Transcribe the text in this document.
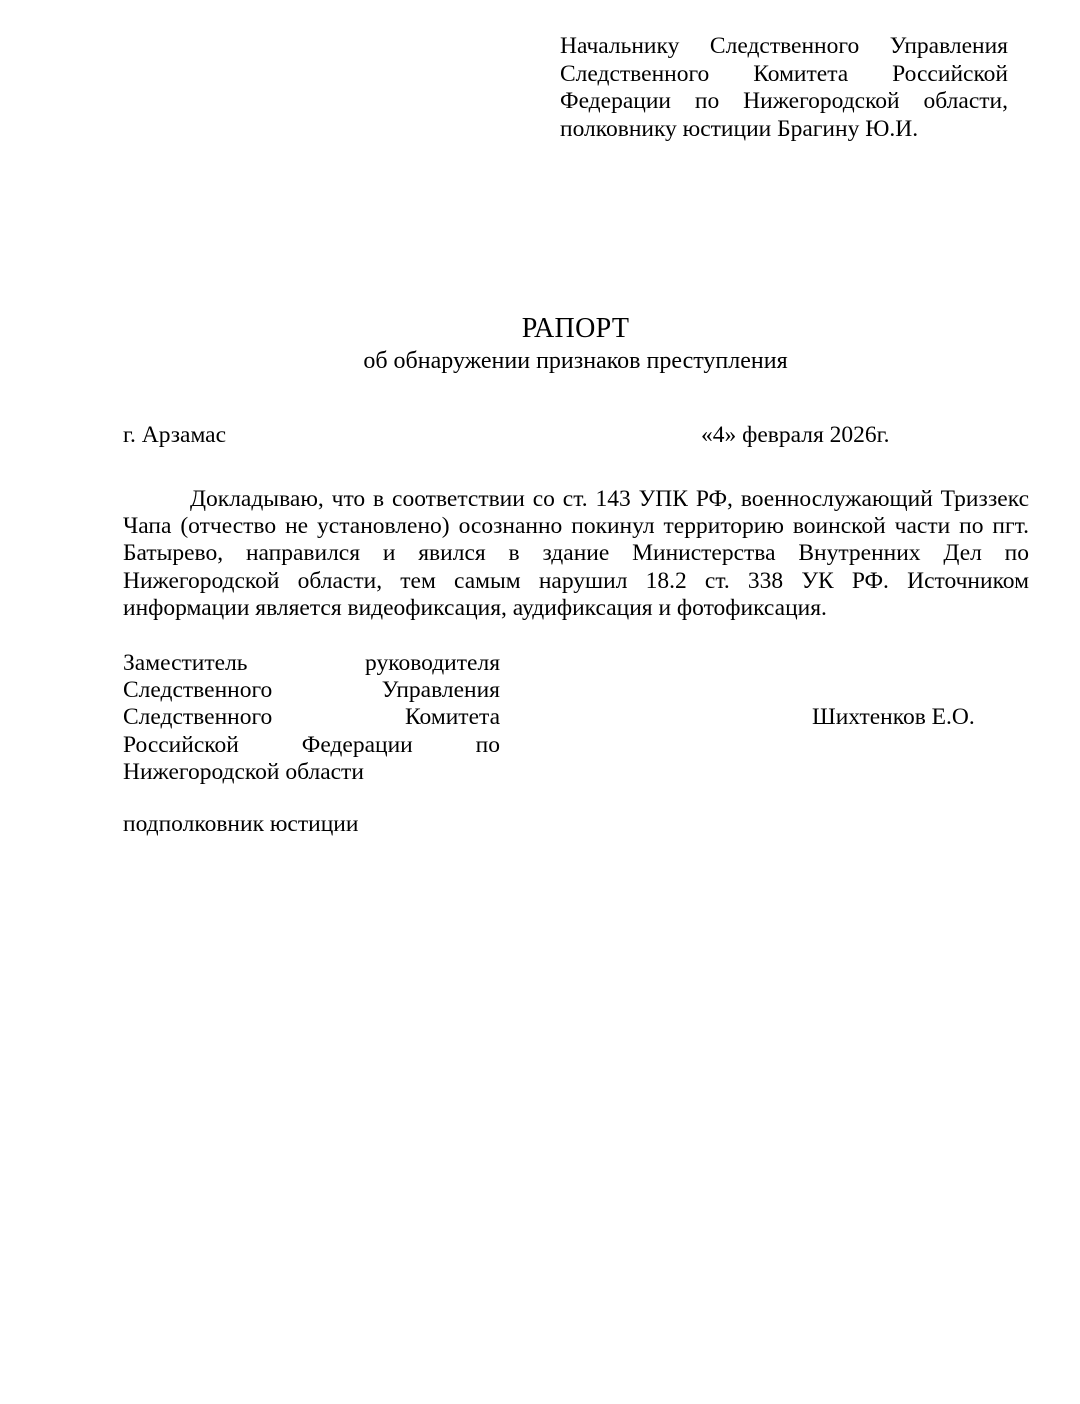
Начальнику Следственного Управления
Следственного Комитета Российской
Федерации по Нижегородской области,
полковнику юстиции Брагину Ю.И.
РАПОРТ
об обнаружении признаков преступления
г. Арзамас	«4» февраля 2026г.
Докладываю, что в соответствии со ст. 143 УПК РФ, военнослужающий Триззекс Чапа (отчество не установлено) осознанно покинул территорию воинской части по пгт. Батырево, направился и явился в здание Министерства Внутренних Дел по Нижегородской области, тем самым нарушил 18.2 ст. 338 УК РФ. Источником информации является видеофиксация, аудификсация и фотофиксация.
Заместитель руководителя
Следственного Управления
Следственного Комитета
Российской Федерации по
Нижегородской области
Шихтенков Е.О.
подполковник юстиции
